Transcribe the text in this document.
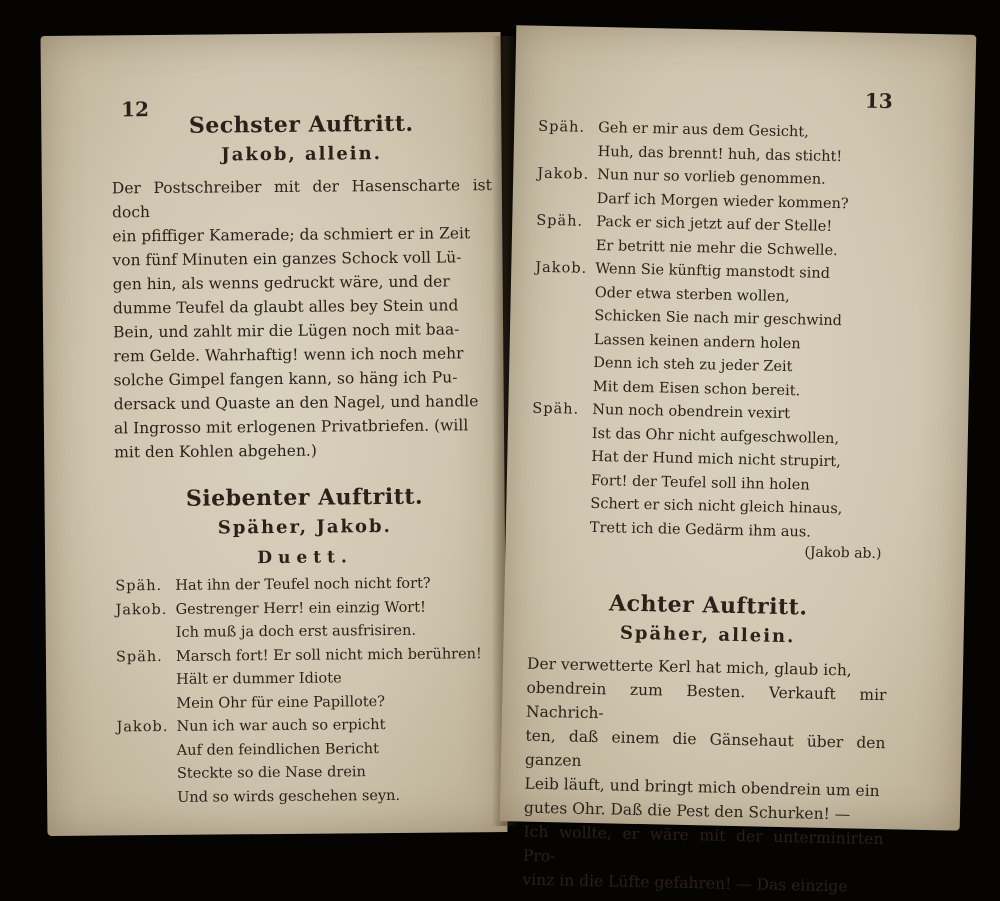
12
Sechster Auftritt.
Jakob, allein.

Der Postschreiber mit der Hasenscharte ist doch

ein pfiffiger Kamerade; da schmiert er in Zeit

von fünf Minuten ein ganzes Schock voll Lü-

gen hin, als wenns gedruckt wäre, und der

dumme Teufel da glaubt alles bey Stein und

Bein, und zahlt mir die Lügen noch mit baa-

rem Gelde. Wahrhaftig! wenn ich noch mehr

solche Gimpel fangen kann, so häng ich Pu-

dersack und Quaste an den Nagel, und handle

al Ingrosso mit erlogenen Privatbriefen. (will

mit den Kohlen abgehen.)

Siebenter Auftritt.
Späher, Jakob.
Duett.
Späh. Hat ihn der Teufel noch nicht fort?
Jakob. Gestrenger Herr! ein einzig Wort!
Ich muß ja doch erst ausfrisiren.
Späh. Marsch fort! Er soll nicht mich berühren!
Hält er dummer Idiote
Mein Ohr für eine Papillote?
Jakob. Nun ich war auch so erpicht
Auf den feindlichen Bericht
Steckte so die Nase drein
Und so wirds geschehen seyn.
13
Späh. Geh er mir aus dem Gesicht,
Huh, das brennt! huh, das sticht!
Jakob. Nun nur so vorlieb genommen.
Darf ich Morgen wieder kommen?
Späh. Pack er sich jetzt auf der Stelle!
Er betritt nie mehr die Schwelle.
Jakob. Wenn Sie künftig manstodt sind
Oder etwa sterben wollen,
Schicken Sie nach mir geschwind
Lassen keinen andern holen
Denn ich steh zu jeder Zeit
Mit dem Eisen schon bereit.
Späh. Nun noch obendrein vexirt
Ist das Ohr nicht aufgeschwollen,
Hat der Hund mich nicht strupirt,
Fort! der Teufel soll ihn holen
Schert er sich nicht gleich hinaus,
Trett ich die Gedärm ihm aus.
(Jakob ab.)
Achter Auftritt.
Späher, allein.

Der verwetterte Kerl hat mich, glaub ich,

obendrein zum Besten. Verkauft mir Nachrich-

ten, daß einem die Gänsehaut über den ganzen

Leib läuft, und bringt mich obendrein um ein

gutes Ohr. Daß die Pest den Schurken! —

Ich wollte, er wäre mit der unterminirten Pro-

vinz in die Lüfte gefahren! — Das einzige
